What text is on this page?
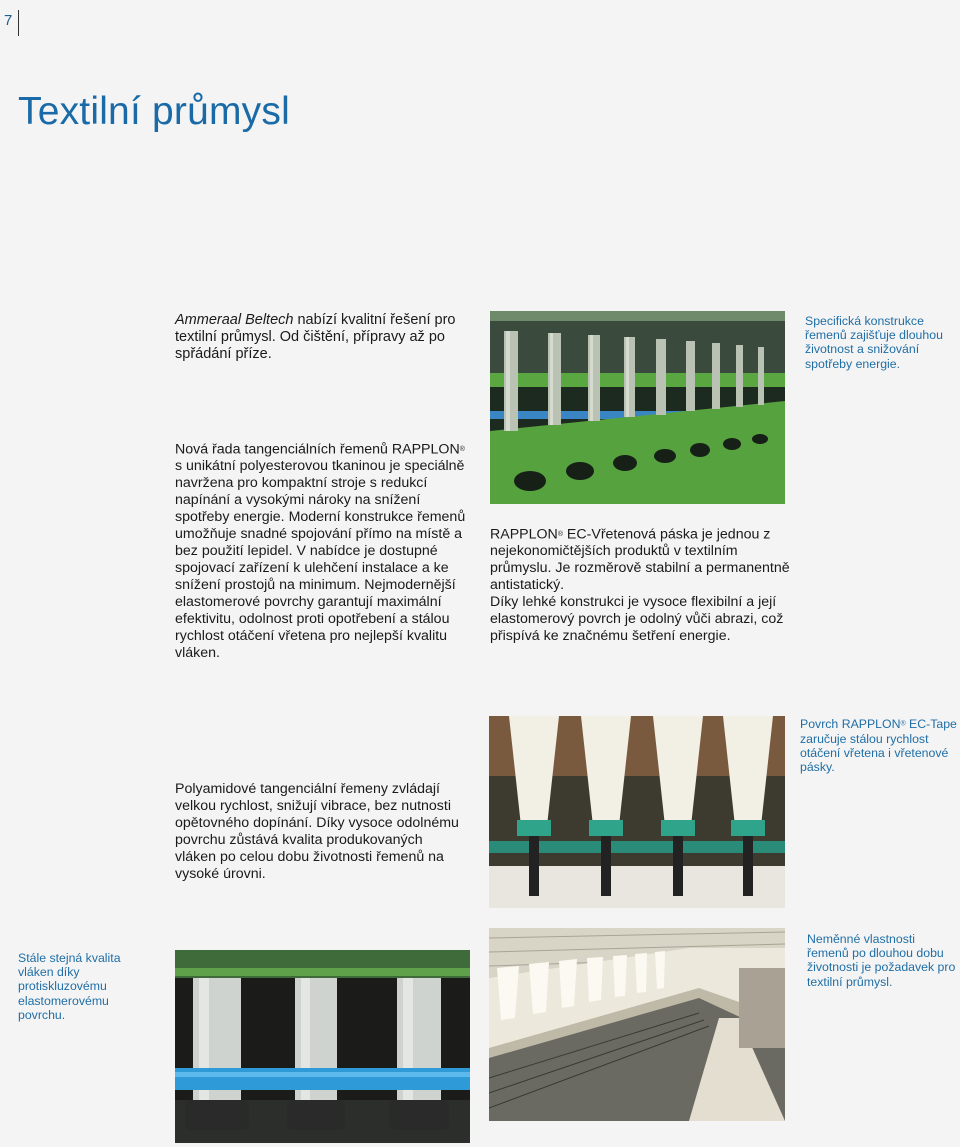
7
Textilní průmysl
Ammeraal Beltech nabízí kvalitní řešení pro textilní průmysl. Od čištění, přípravy až po spřádání příze.
Specifická konstrukce řemenů zajišťuje dlouhou životnost a snižování spotřeby energie.
Nová řada tangenciálních řemenů RAPPLON® s unikátní polyesterovou tkaninou je speciálně navržena pro kompaktní stroje s redukcí napínání a vysokými nároky na snížení spotřeby energie. Moderní konstrukce řemenů umožňuje snadné spojování přímo na místě a bez použití lepidel. V nabídce je dostupné spojovací zařízení k ulehčení instalace a ke snížení prostojů na minimum. Nejmodernější elastomerové povrchy garantují maximální efektivitu, odolnost proti opotřebení a stálou rychlost otáčení vřetena pro nejlepší kvalitu vláken.
RAPPLON® EC-Vřetenová páska je jednou z nejekonomičtějších produktů v textilním průmyslu. Je rozměrově stabilní a permanentně antistatický.
Díky lehké konstrukci je vysoce flexibilní a její elastomerový povrch je odolný vůči abrazi, což přispívá ke značnému šetření energie.
Povrch RAPPLON® EC-Tape zaručuje stálou rychlost otáčení vřetena i vřetenové pásky.
Polyamidové tangenciální řemeny zvládají velkou rychlost, snižují vibrace, bez nutnosti opětovného dopínání. Díky vysoce odolnému povrchu zůstává kvalita produkovaných vláken po celou dobu životnosti řemenů na vysoké úrovni.
Stále stejná kvalita vláken díky protiskluzovému elastomerovému povrchu.
Neměnné vlastnosti řemenů po dlouhou dobu životnosti je požadavek pro textilní průmysl.
